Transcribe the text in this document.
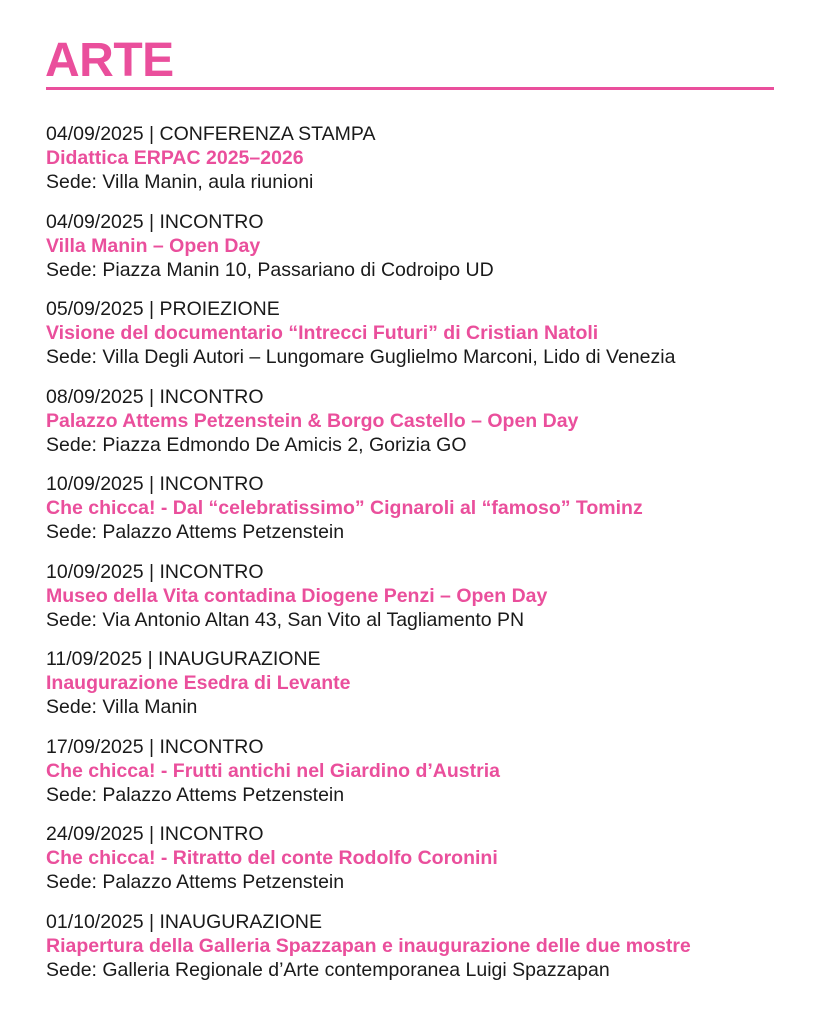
ARTE
04/09/2025 | CONFERENZA STAMPA
Didattica ERPAC 2025–2026
Sede: Villa Manin, aula riunioni
04/09/2025 | INCONTRO
Villa Manin – Open Day
Sede: Piazza Manin 10, Passariano di Codroipo UD
05/09/2025 | PROIEZIONE
Visione del documentario “Intrecci Futuri” di Cristian Natoli
Sede: Villa Degli Autori – Lungomare Guglielmo Marconi, Lido di Venezia
08/09/2025 | INCONTRO
Palazzo Attems Petzenstein & Borgo Castello – Open Day
Sede: Piazza Edmondo De Amicis 2, Gorizia GO
10/09/2025 | INCONTRO
Che chicca! - Dal “celebratissimo” Cignaroli al “famoso” Tominz
Sede: Palazzo Attems Petzenstein
10/09/2025 | INCONTRO
Museo della Vita contadina Diogene Penzi – Open Day
Sede: Via Antonio Altan 43, San Vito al Tagliamento PN
11/09/2025 | INAUGURAZIONE
Inaugurazione Esedra di Levante
Sede: Villa Manin
17/09/2025 | INCONTRO
Che chicca! - Frutti antichi nel Giardino d’Austria
Sede: Palazzo Attems Petzenstein
24/09/2025 | INCONTRO
Che chicca! - Ritratto del conte Rodolfo Coronini
Sede: Palazzo Attems Petzenstein
01/10/2025 | INAUGURAZIONE
Riapertura della Galleria Spazzapan e inaugurazione delle due mostre
Sede: Galleria Regionale d’Arte contemporanea Luigi Spazzapan
